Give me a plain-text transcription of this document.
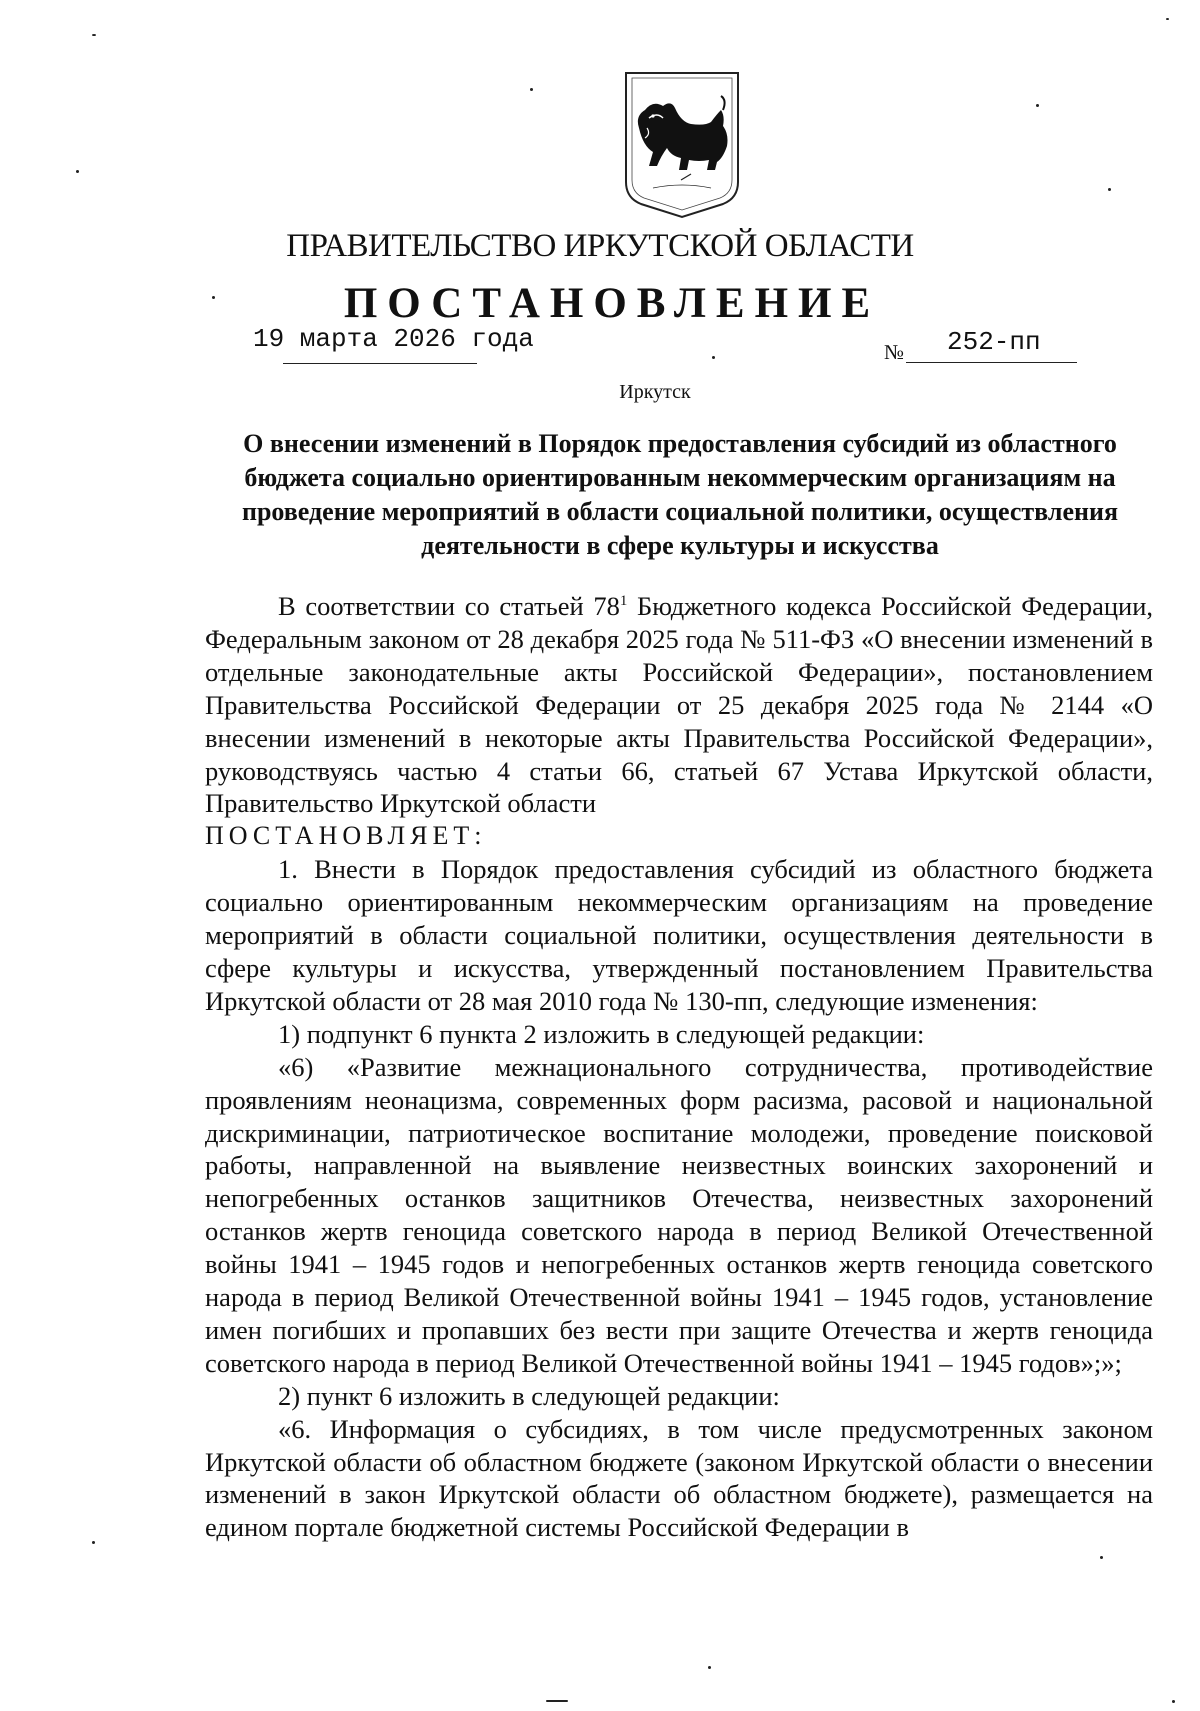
ПРАВИТЕЛЬСТВО ИРКУТСКОЙ ОБЛАСТИ
ПОСТАНОВЛЕНИЕ
19 марта 2026 года	№ 252-пп
Иркутск
О внесении изменений в Порядок предоставления субсидий из областного бюджета социально ориентированным некоммерческим организациям на проведение мероприятий в области социальной политики, осуществления деятельности в сфере культуры и искусства

В соответствии со статьей $78^1$ Бюджетного кодекса Российской Федерации, Федеральным законом от 28 декабря 2025 года № 511-ФЗ «О внесении изменений в отдельные законодательные акты Российской Федерации», постановлением Правительства Российской Федерации от 25 декабря 2025 года № 2144 «О внесении изменений в некоторые акты Правительства Российской Федерации», руководствуясь частью 4 статьи 66, статьей 67 Устава Иркутской области, Правительство Иркутской области

ПОСТАНОВЛЯЕТ:

1. Внести в Порядок предоставления субсидий из областного бюджета социально ориентированным некоммерческим организациям на проведение мероприятий в области социальной политики, осуществления деятельности в сфере культуры и искусства, утвержденный постановлением Правительства Иркутской области от 28 мая 2010 года № 130-пп, следующие изменения:

1) подпункт 6 пункта 2 изложить в следующей редакции:

«6) «Развитие межнационального сотрудничества, противодействие проявлениям неонацизма, современных форм расизма, расовой и национальной дискриминации, патриотическое воспитание молодежи, проведение поисковой работы, направленной на выявление неизвестных воинских захоронений и непогребенных останков защитников Отечества, неизвестных захоронений останков жертв геноцида советского народа в период Великой Отечественной войны 1941 – 1945 годов и непогребенных останков жертв геноцида советского народа в период Великой Отечественной войны 1941 – 1945 годов, установление имен погибших и пропавших без вести при защите Отечества и жертв геноцида советского народа в период Великой Отечественной войны 1941 – 1945 годов»;»;

2) пункт 6 изложить в следующей редакции:

«6. Информация о субсидиях, в том числе предусмотренных законом Иркутской области об областном бюджете (законом Иркутской области о внесении изменений в закон Иркутской области об областном бюджете), размещается на едином портале бюджетной системы Российской Федерации в
